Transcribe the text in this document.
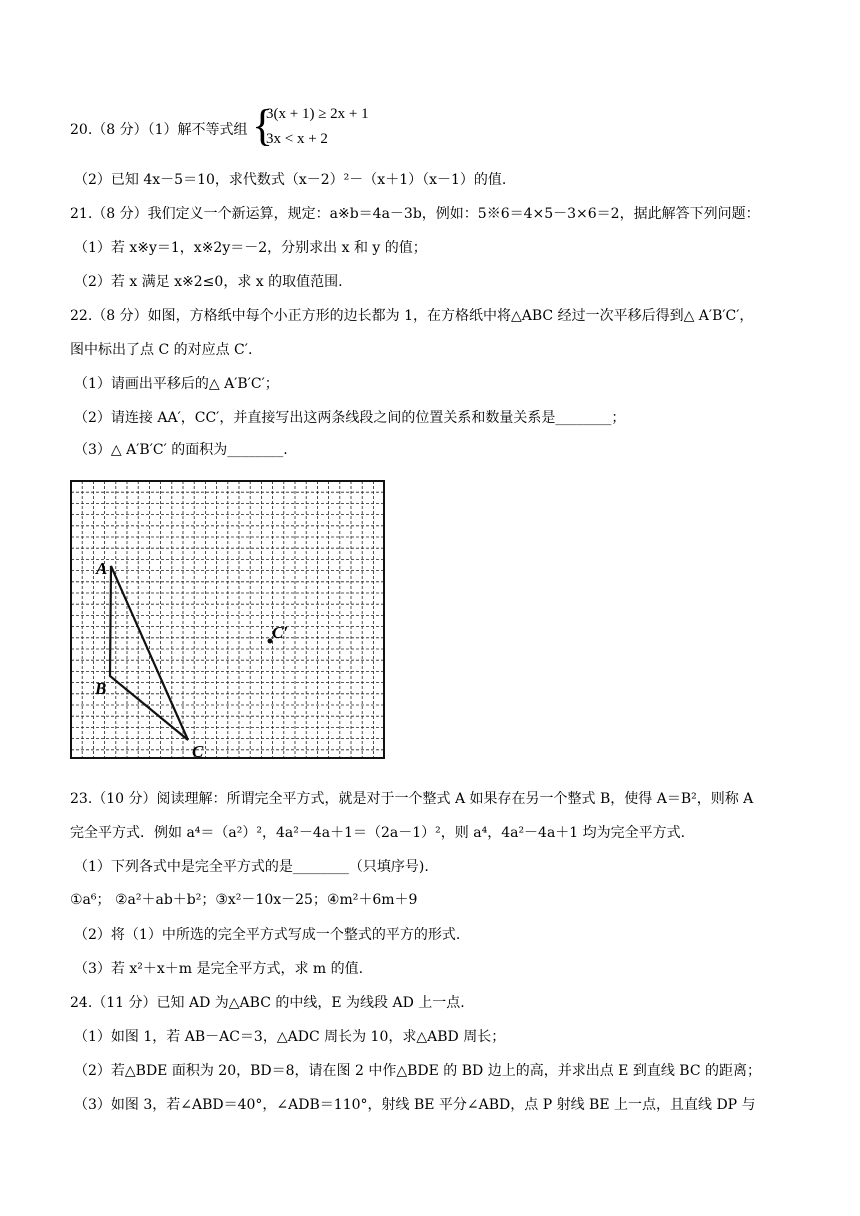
20.（8 分）（1）解不等式组 {
3(x + 1) ≥ 2x + 1
3x < x + 2
（2）已知 4x－5＝10，求代数式（x－2）²－（x＋1）（x－1）的值.
21.（8 分）我们定义一个新运算，规定：a※b＝4a－3b，例如：5※6＝4×5－3×6＝2，据此解答下列问题：
（1）若 x※y＝1，x※2y＝－2，分别求出 x 和 y 的值；
（2）若 x 满足 x※2≤0，求 x 的取值范围.
22.（8 分）如图，方格纸中每个小正方形的边长都为 1，在方格纸中将△ABC 经过一次平移后得到△ A′B′C′，
图中标出了点 C 的对应点 C′.
（1）请画出平移后的△ A′B′C′；
（2）请连接 AA′，CC′，并直接写出这两条线段之间的位置关系和数量关系是________；
（3）△ A′B′C′ 的面积为________.
A
B
C
C′
23.（10 分）阅读理解：所谓完全平方式，就是对于一个整式 A 如果存在另一个整式 B，使得 A＝B²，则称 A
完全平方式．例如 a⁴＝（a²）²，4a²－4a＋1＝（2a－1）²，则 a⁴，4a²－4a＋1 均为完全平方式.
（1）下列各式中是完全平方式的是________（只填序号).
①a⁶； ②a²＋ab＋b²；③x²－10x－25；④m²＋6m＋9
（2）将（1）中所选的完全平方式写成一个整式的平方的形式.
（3）若 x²＋x＋m 是完全平方式，求 m 的值.
24.（11 分）已知 AD 为△ABC 的中线，E 为线段 AD 上一点.
（1）如图 1，若 AB－AC＝3，△ADC 周长为 10，求△ABD 周长；
（2）若△BDE 面积为 20，BD＝8，请在图 2 中作△BDE 的 BD 边上的高，并求出点 E 到直线 BC 的距离；
（3）如图 3，若∠ABD＝40°，∠ADB＝110°，射线 BE 平分∠ABD，点 P 射线 BE 上一点，且直线 DP 与
